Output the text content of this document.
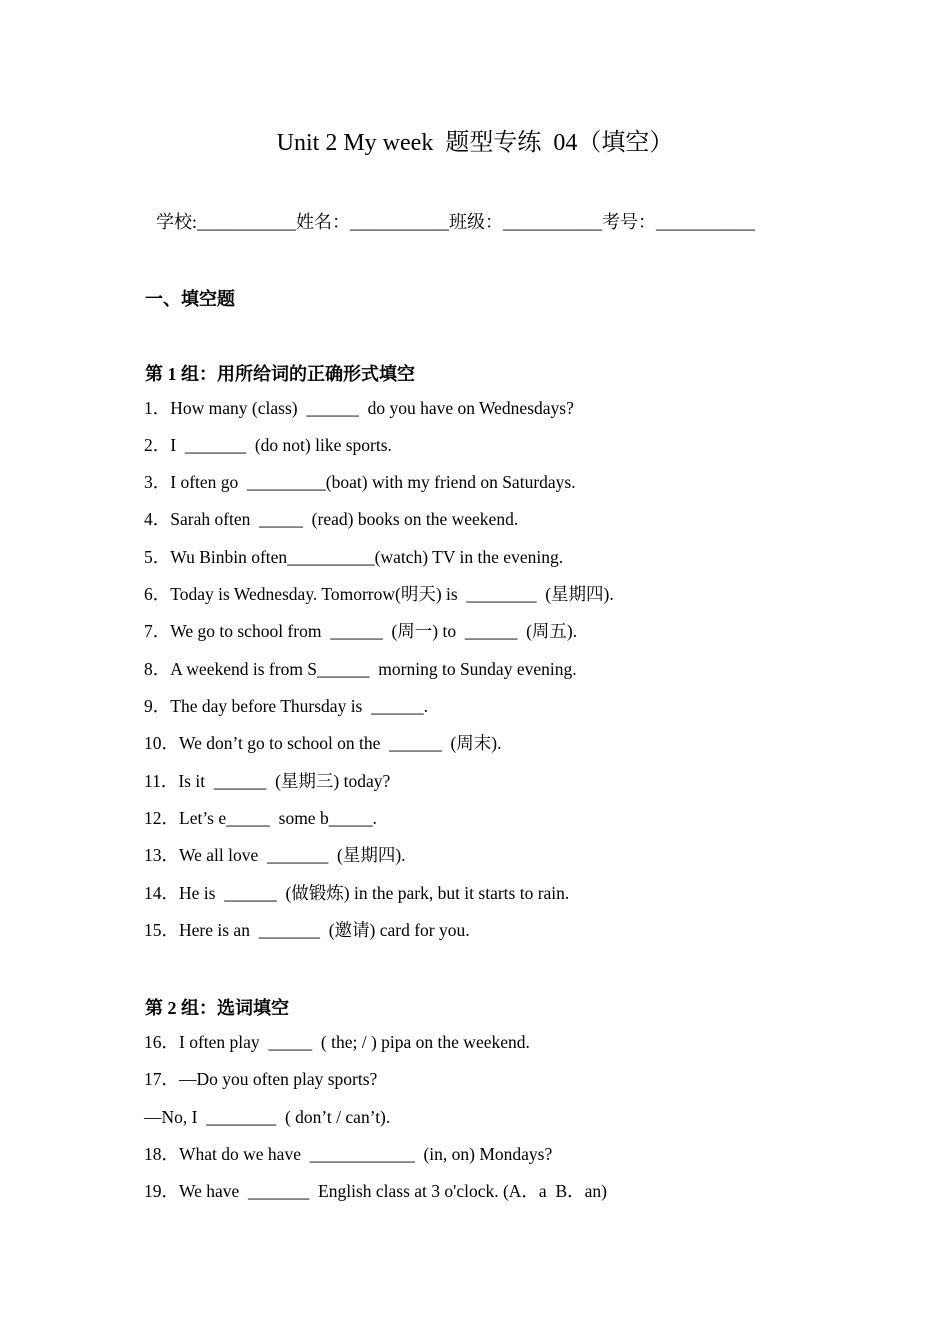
Unit 2 My week  题型专练  04（填空）
学校:___________姓名：___________班级：___________考号：___________
一、填空题
第 1 组：用所给词的正确形式填空
1．How many (class)  ______  do you have on Wednesdays?
2．I  _______  (do not) like sports.
3．I often go  _________(boat) with my friend on Saturdays.
4．Sarah often  _____  (read) books on the weekend.
5．Wu Binbin often__________(watch) TV in the evening.
6．Today is Wednesday. Tomorrow(明天) is  ________  (星期四).
7．We go to school from  ______  (周一) to  ______  (周五).
8．A weekend is from S______  morning to Sunday evening.
9．The day before Thursday is  ______.
10．We don’t go to school on the  ______  (周末).
11．Is it  ______  (星期三) today?
12．Let’s e_____  some b_____.
13．We all love  _______  (星期四).
14．He is  ______  (做锻炼) in the park, but it starts to rain.
15．Here is an  _______  (邀请) card for you.
第 2 组：选词填空
16．I often play  _____  ( the; / ) pipa on the weekend.
17．—Do you often play sports?
—No, I  ________  ( don’t / can’t).
18．What do we have  ____________  (in, on) Mondays?
19．We have  _______  English class at 3 o'clock. (A．a  B．an)
